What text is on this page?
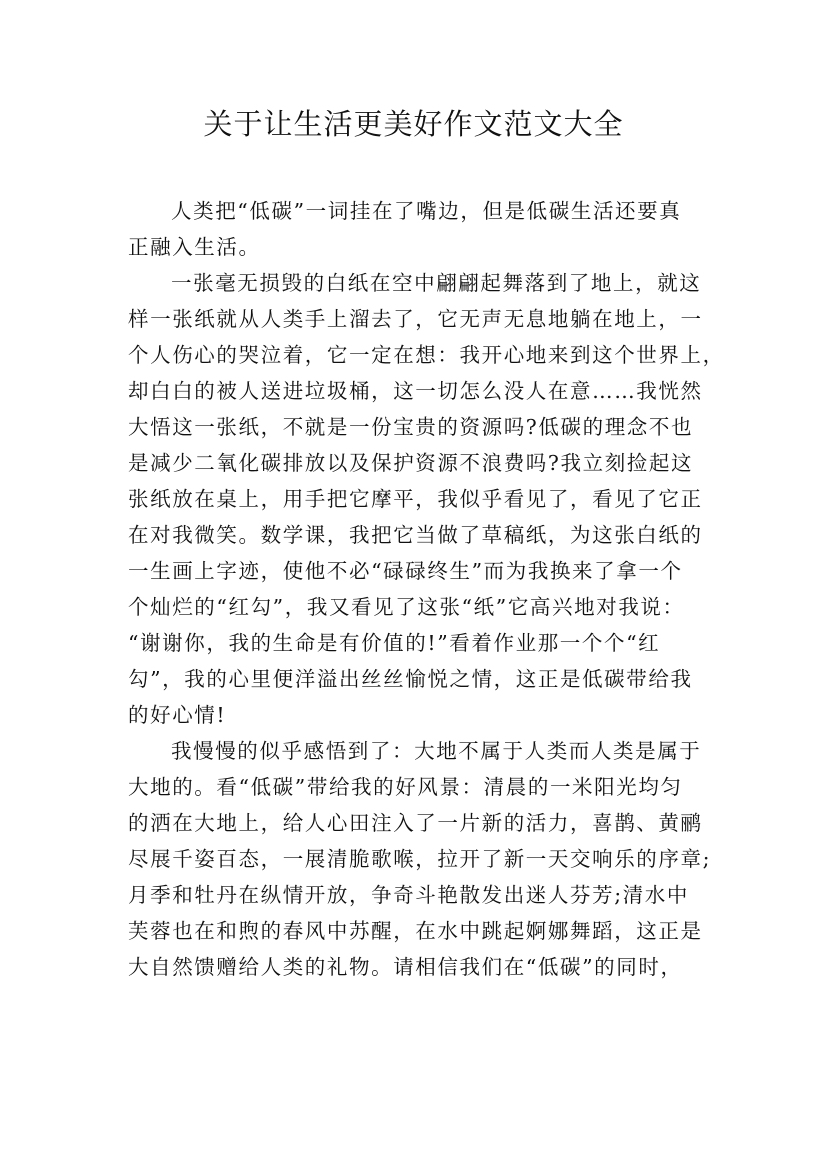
关于让生活更美好作文范文大全
人类把“低碳”一词挂在了嘴边，但是低碳生活还要真
正融入生活。
一张毫无损毁的白纸在空中翩翩起舞落到了地上，就这
样一张纸就从人类手上溜去了，它无声无息地躺在地上，一
个人伤心的哭泣着，它一定在想：我开心地来到这个世界上，
却白白的被人送进垃圾桶，这一切怎么没人在意……我恍然
大悟这一张纸，不就是一份宝贵的资源吗?低碳的理念不也
是减少二氧化碳排放以及保护资源不浪费吗?我立刻捡起这
张纸放在桌上，用手把它摩平，我似乎看见了，看见了它正
在对我微笑。数学课，我把它当做了草稿纸，为这张白纸的
一生画上字迹，使他不必“碌碌终生”而为我换来了拿一个
个灿烂的“红勾”，我又看见了这张“纸”它高兴地对我说：
“谢谢你，我的生命是有价值的!”看着作业那一个个“红
勾”，我的心里便洋溢出丝丝愉悦之情，这正是低碳带给我
的好心情!
我慢慢的似乎感悟到了：大地不属于人类而人类是属于
大地的。看“低碳”带给我的好风景：清晨的一米阳光均匀
的洒在大地上，给人心田注入了一片新的活力，喜鹊、黄鹂
尽展千姿百态，一展清脆歌喉，拉开了新一天交响乐的序章;
月季和牡丹在纵情开放，争奇斗艳散发出迷人芬芳;清水中
芙蓉也在和煦的春风中苏醒，在水中跳起婀娜舞蹈，这正是
大自然馈赠给人类的礼物。请相信我们在“低碳”的同时，
